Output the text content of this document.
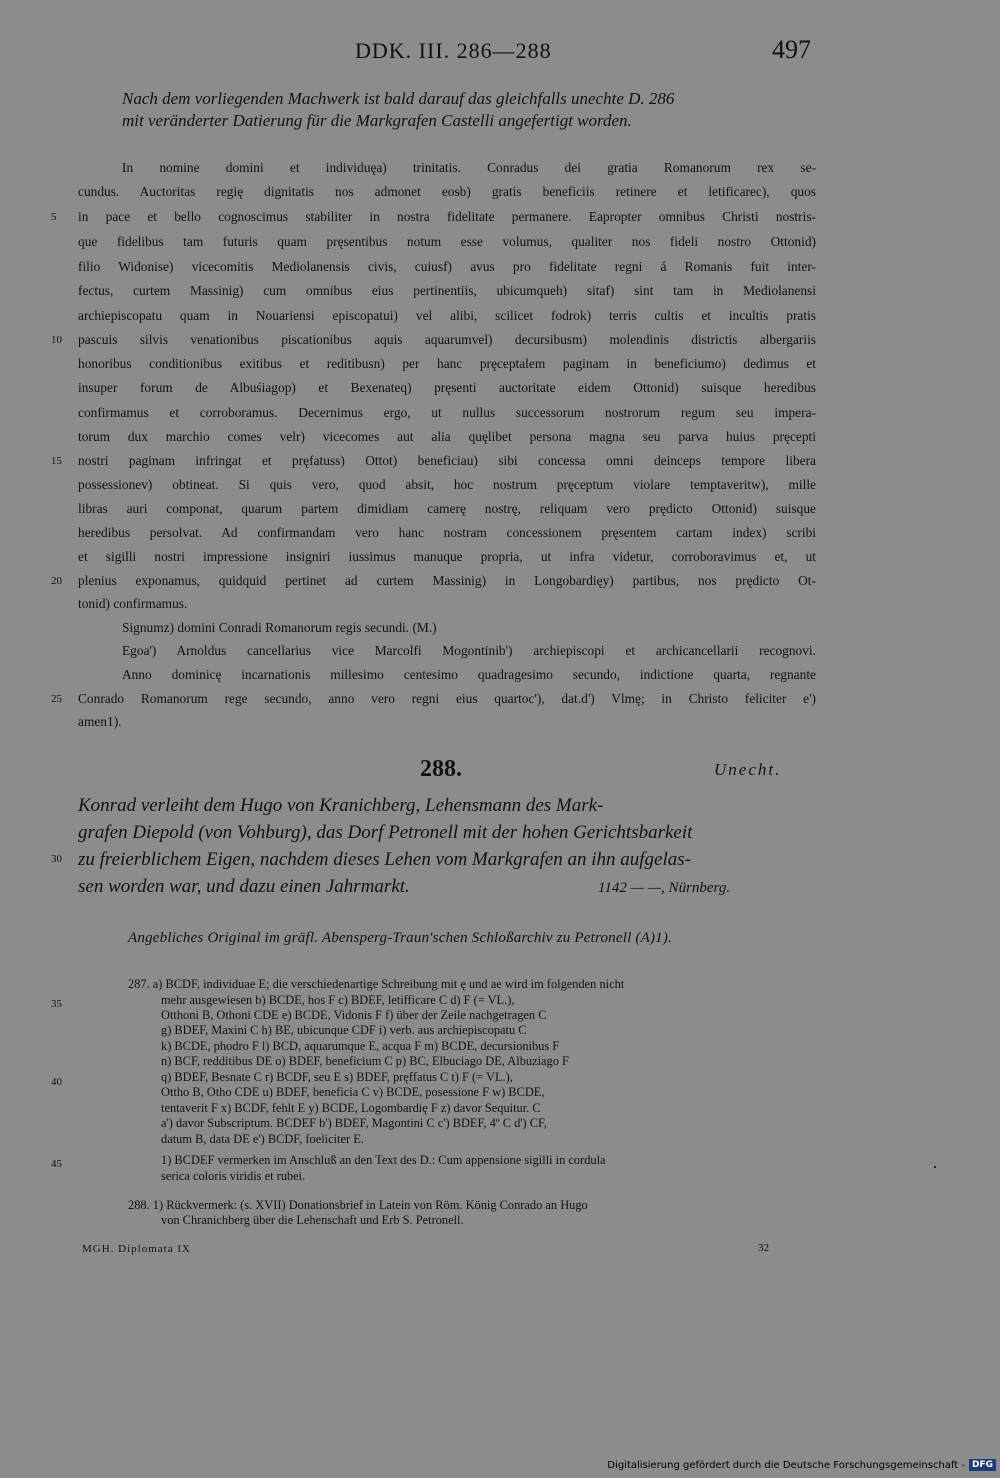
DDK. III. 286—288	497
Nach dem vorliegenden Machwerk ist bald darauf das gleichfalls unechte D. 286
mit veränderter Datierung für die Markgrafen Castelli angefertigt worden.
In nomine domini et individuęa) trinitatis. Conradus dei gratia Romanorum rex se-
cundus. Auctoritas regię dignitatis nos admonet eosb) gratis beneficiis retinere et letificarec), quos
in pace et bello cognoscimus stabiliter in nostra fidelitate permanere. Eapropter omnibus Christi nostris-
que fidelibus tam futuris quam pręsentibus notum esse volumus, qualiter nos fideli nostro Ottonid)
filio Widonise) vicecomitis Mediolanensis civis, cuiusf) avus pro fidelitate regni á Romanis fuit inter-
fectus, curtem Massinig) cum omnibus eius pertinentiis, ubicumqueh) sitaf) sint tam in Mediolanensi
archiepiscopatu quam in Nouariensi episcopatui) vel alibi, scilicet fodrok) terris cultis et incultis pratis
pascuis silvis venationibus piscationibus aquis aquarumvel) decursibusm) molendinis districtis albergariis
honoribus conditionibus exitibus et reditibusn) per hanc pręceptalem paginam in beneficiumo) dedimus et
insuper forum de Albuśiagop) et Bexenateq) pręsenti auctoritate eidem Ottonid) suisque heredibus
confirmamus et corroboramus. Decernimus ergo, ut nullus successorum nostrorum regum seu impera-
torum dux marchio comes velr) vicecomes aut alia quęlibet persona magna seu parva huius pręcepti
nostri paginam infringat et pręfatuss) Ottot) beneficiau) sibi concessa omni deinceps tempore libera
possessionev) obtineat. Si quis vero, quod absit, hoc nostrum pręceptum violare temptaveritw), mille
libras auri componat, quarum partem dimidiam camerę nostrę, reliquam vero prędicto Ottonid) suisque
heredibus persolvat. Ad confirmandam vero hanc nostram concessionem pręsentem cartam index) scribi
et sigilli nostri impressione insigniri iussimus manuque propria, ut infra videtur, corroboravimus et, ut
plenius exponamus, quidquid pertinet ad curtem Massinig) in Longobardięy) partibus, nos prędicto Ot-
tonid) confirmamus.
Signumz) domini Conradi Romanorum regis secundi. (M.)
Egoa') Arnoldus cancellarius vice Marcolfi Mogontinib') archiepiscopi et archicancellarii recognovi.
Anno dominicę incarnationis millesimo centesimo quadragesimo secundo, indictione quarta, regnante
Conrado Romanorum rege secundo, anno vero regni eius quartoc'), dat.d') Vlmę; in Christo feliciter e')
amen1).
5
10
15
20
25
30
35
40
45
288.	Unecht.
Konrad verleiht dem Hugo von Kranichberg, Lehensmann des Mark-
grafen Diepold (von Vohburg), das Dorf Petronell mit der hohen Gerichtsbarkeit
zu freierblichem Eigen, nachdem dieses Lehen vom Markgrafen an ihn aufgelas-
sen worden war, und dazu einen Jahrmarkt.	1142 — —, Nürnberg.
Angebliches Original im gräfl. Abensperg-Traun'schen Schloßarchiv zu Petronell (A)1).
287. a) BCDF, individuae E; die verschiedenartige Schreibung mit ę und ae wird im folgenden nicht
mehr ausgewiesen b) BCDE, hos F c) BDEF, letifficare C d) F (= VL.),
Otthoni B, Othoni CDE e) BCDE, Vidonis F f) über der Zeile nachgetragen C
g) BDEF, Maxini C h) BE, ubicunque CDF i) verb. aus archiepiscopatu C
k) BCDE, phodro F l) BCD, aquarumque E, acqua F m) BCDE, decursionibus F
n) BCF, redditibus DE o) BDEF, beneficium C p) BC, Elbuciago DE, Albuziago F
q) BDEF, Besnate C r) BCDF, seu E s) BDEF, pręffatus C t) F (= VL.),
Ottho B, Otho CDE u) BDEF, beneficia C v) BCDE, posessione F w) BCDE,
tentaverit F x) BCDF, fehlt E y) BCDE, Logombardię F z) davor Sequitur. C
a') davor Subscriptum. BCDEF b') BDEF, Magontini C c') BDEF, 4º C d') CF,
datum B, data DE e') BCDF, foeliciter E.
1) BCDEF vermerken im Anschluß an den Text des D.: Cum appensione sigilli in cordula
serica coloris viridis et rubei.
288. 1) Rückvermerk: (s. XVII) Donationsbrief in Latein von Röm. König Conrado an Hugo
von Chranichberg über die Lehenschaft und Erb S. Petronell.
MGH. Diplomata IX	32
Digitalisierung gefördert durch die Deutsche Forschungsgemeinschaft - DFG
